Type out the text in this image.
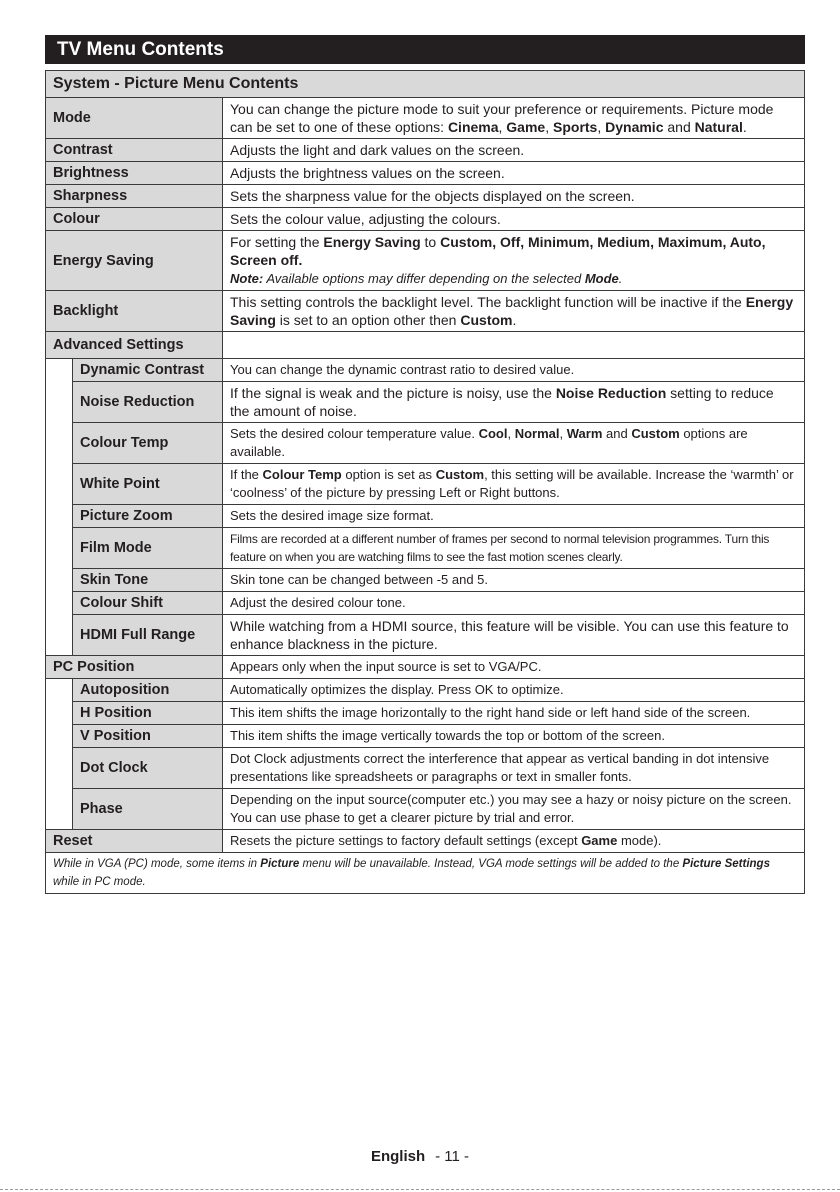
TV Menu Contents
System - Picture Menu Contents		
Mode		You can change the picture mode to suit your preference or requirements. Picture mode can be set to one of these options: Cinema, Game, Sports, Dynamic and Natural.
Contrast		Adjusts the light and dark values on the screen.
Brightness		Adjusts the brightness values on the screen.
Sharpness		Sets the sharpness value for the objects displayed on the screen.
Colour		Sets the colour value, adjusting the colours.
Energy Saving		For setting the Energy Saving to Custom, Off, Minimum, Medium, Maximum, Auto, Screen off.
Note: Available options may differ depending on the selected Mode.
Backlight		This setting controls the backlight level. The backlight function will be inactive if the Energy Saving is set to an option other then Custom.
Advanced Settings		
	Dynamic Contrast	You can change the dynamic contrast ratio to desired value.
	Noise Reduction	If the signal is weak and the picture is noisy, use the Noise Reduction setting to reduce the amount of noise.
	Colour Temp	Sets the desired colour temperature value. Cool, Normal, Warm and Custom options are available.
	White Point	If the Colour Temp option is set as Custom, this setting will be available. Increase the ‘warmth’ or ‘coolness’ of the picture by pressing Left or Right buttons.
	Picture Zoom	Sets the desired image size format.
	Film Mode	Films are recorded at a different number of frames per second to normal television programmes. Turn this feature on when you are watching films to see the fast motion scenes clearly.
	Skin Tone	Skin tone can be changed between -5 and 5.
	Colour Shift	Adjust the desired colour tone.
	HDMI Full Range	While watching from a HDMI source, this feature will be visible. You can use this feature to enhance blackness in the picture.
PC Position		Appears only when the input source is set to VGA/PC.
	Autoposition	Automatically optimizes the display. Press OK to optimize.
	H Position	This item shifts the image horizontally to the right hand side or left hand side of the screen.
	V Position	This item shifts the image vertically towards the top or bottom of the screen.
	Dot Clock	Dot Clock adjustments correct the interference that appear as vertical banding in dot intensive presentations like spreadsheets or paragraphs or text in smaller fonts.
	Phase	Depending on the input source(computer etc.) you may see a hazy or noisy picture on the screen. You can use phase to get a clearer picture by trial and error.
Reset		Resets the picture settings to factory default settings (except Game mode).
While in VGA (PC) mode, some items in Picture menu will be unavailable. Instead, VGA mode settings will be added to the Picture Settings while in PC mode.		
English - 11 -
